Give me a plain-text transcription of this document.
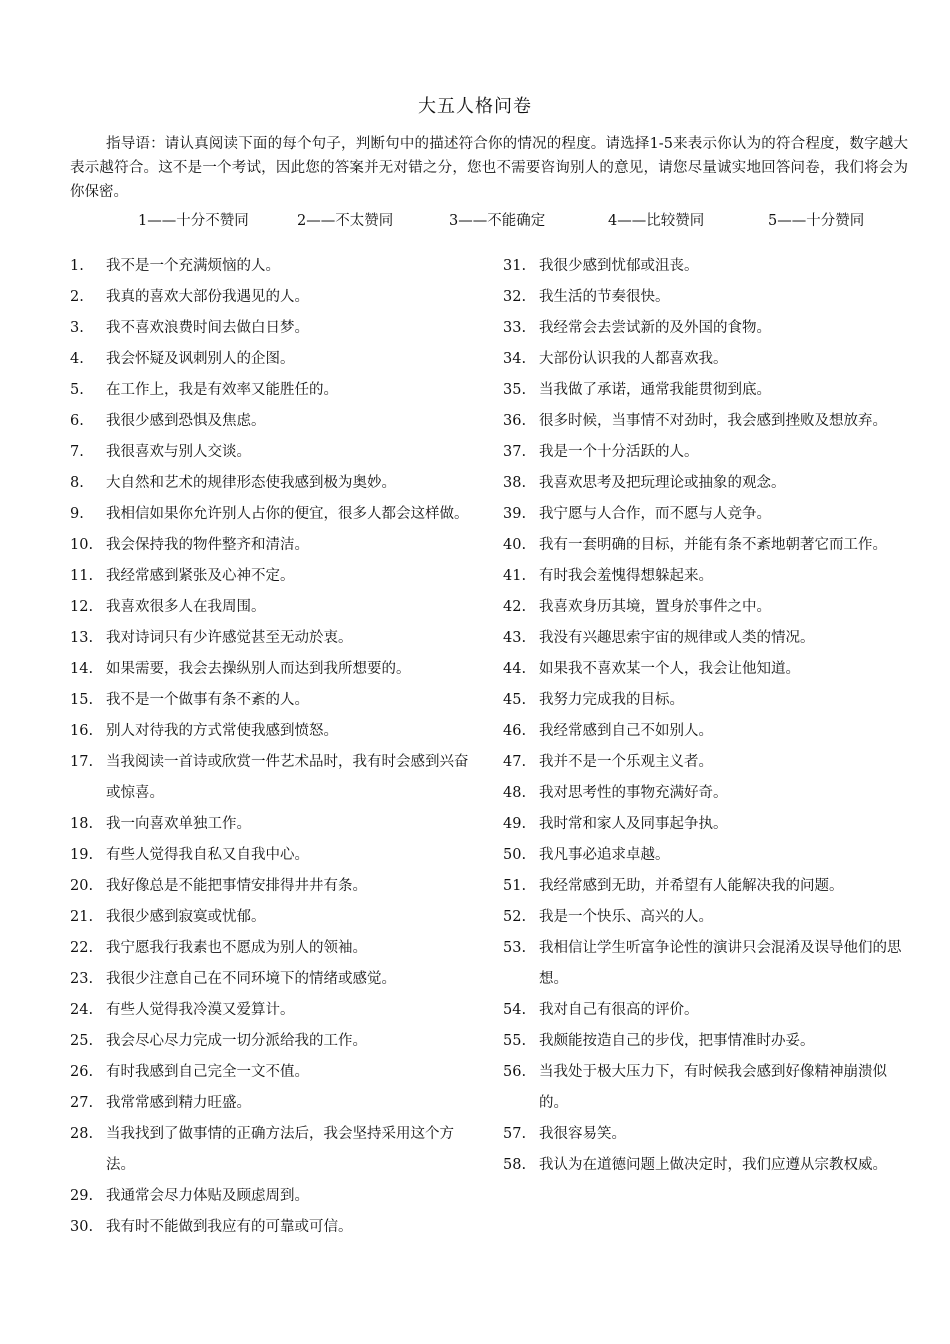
大五人格问卷
指导语：请认真阅读下面的每个句子，判断句中的描述符合你的情况的程度。请选择1-5来表示你认为的符合程度，数字越大表示越符合。这不是一个考试，因此您的答案并无对错之分，您也不需要咨询别人的意见，请您尽量诚实地回答问卷，我们将会为你保密。
1——十分不赞同	2——不太赞同	3——不能确定	4——比较赞同	5——十分赞同
1.	我不是一个充满烦恼的人。
2.	我真的喜欢大部份我遇见的人。
3.	我不喜欢浪费时间去做白日梦。
4.	我会怀疑及讽刺别人的企图。
5.	在工作上，我是有效率又能胜任的。
6.	我很少感到恐惧及焦虑。
7.	我很喜欢与别人交谈。
8.	大自然和艺术的规律形态使我感到极为奥妙。
9.	我相信如果你允许别人占你的便宜，很多人都会这样做。
10. 我会保持我的物件整齐和清洁。
11. 我经常感到紧张及心神不定。
12. 我喜欢很多人在我周围。
13. 我对诗词只有少许感觉甚至无动於衷。
14. 如果需要，我会去操纵别人而达到我所想要的。
15. 我不是一个做事有条不紊的人。
16. 别人对待我的方式常使我感到愤怒。
17. 当我阅读一首诗或欣赏一件艺术品时，我有时会感到兴奋或惊喜。
18. 我一向喜欢单独工作。
19. 有些人觉得我自私又自我中心。
20. 我好像总是不能把事情安排得井井有条。
21. 我很少感到寂寞或忧郁。
22. 我宁愿我行我素也不愿成为别人的领袖。
23. 我很少注意自己在不同环境下的情绪或感觉。
24. 有些人觉得我冷漠又爱算计。
25. 我会尽心尽力完成一切分派给我的工作。
26. 有时我感到自己完全一文不值。
27. 我常常感到精力旺盛。
28. 当我找到了做事情的正确方法后，我会坚持采用这个方法。
29. 我通常会尽力体贴及顾虑周到。
30. 我有时不能做到我应有的可靠或可信。
31. 我很少感到忧郁或沮丧。
32. 我生活的节奏很快。
33. 我经常会去尝试新的及外国的食物。
34. 大部份认识我的人都喜欢我。
35. 当我做了承诺，通常我能贯彻到底。
36. 很多时候，当事情不对劲时，我会感到挫败及想放弃。
37. 我是一个十分活跃的人。
38. 我喜欢思考及把玩理论或抽象的观念。
39. 我宁愿与人合作，而不愿与人竞争。
40. 我有一套明确的目标，并能有条不紊地朝著它而工作。
41. 有时我会羞愧得想躲起来。
42. 我喜欢身历其境，置身於事件之中。
43. 我没有兴趣思索宇宙的规律或人类的情况。
44. 如果我不喜欢某一个人，我会让他知道。
45. 我努力完成我的目标。
46. 我经常感到自己不如别人。
47. 我并不是一个乐观主义者。
48. 我对思考性的事物充满好奇。
49. 我时常和家人及同事起争执。
50. 我凡事必追求卓越。
51. 我经常感到无助，并希望有人能解决我的问题。
52. 我是一个快乐、高兴的人。
53. 我相信让学生听富争论性的演讲只会混淆及误导他们的思想。
54. 我对自己有很高的评价。
55. 我颇能按造自己的步伐，把事情准时办妥。
56. 当我处于极大压力下，有时候我会感到好像精神崩溃似的。
57. 我很容易笑。
58. 我认为在道德问题上做决定时，我们应遵从宗教权威。
